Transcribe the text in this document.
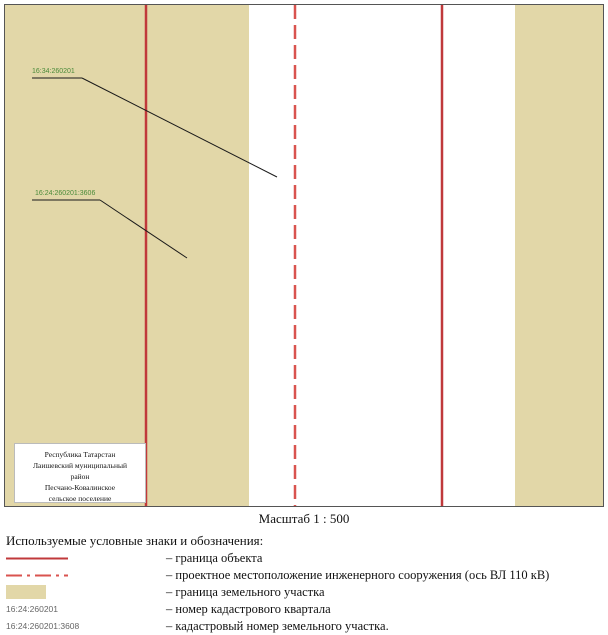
16:34:260201
16:24:260201:3606
Республика Татарстан
Лаишевский муниципальный
район
Песчано-Ковалинское
сельское поселение
Масштаб 1 : 500
Используемые условные знаки и обозначения:
– граница объекта
– проектное местоположение инженерного сооружения (ось ВЛ 110 кВ)
– граница земельного участка
16:24:260201	– номер кадастрового квартала
16:24:260201:3608	– кадастровый номер земельного участка.
